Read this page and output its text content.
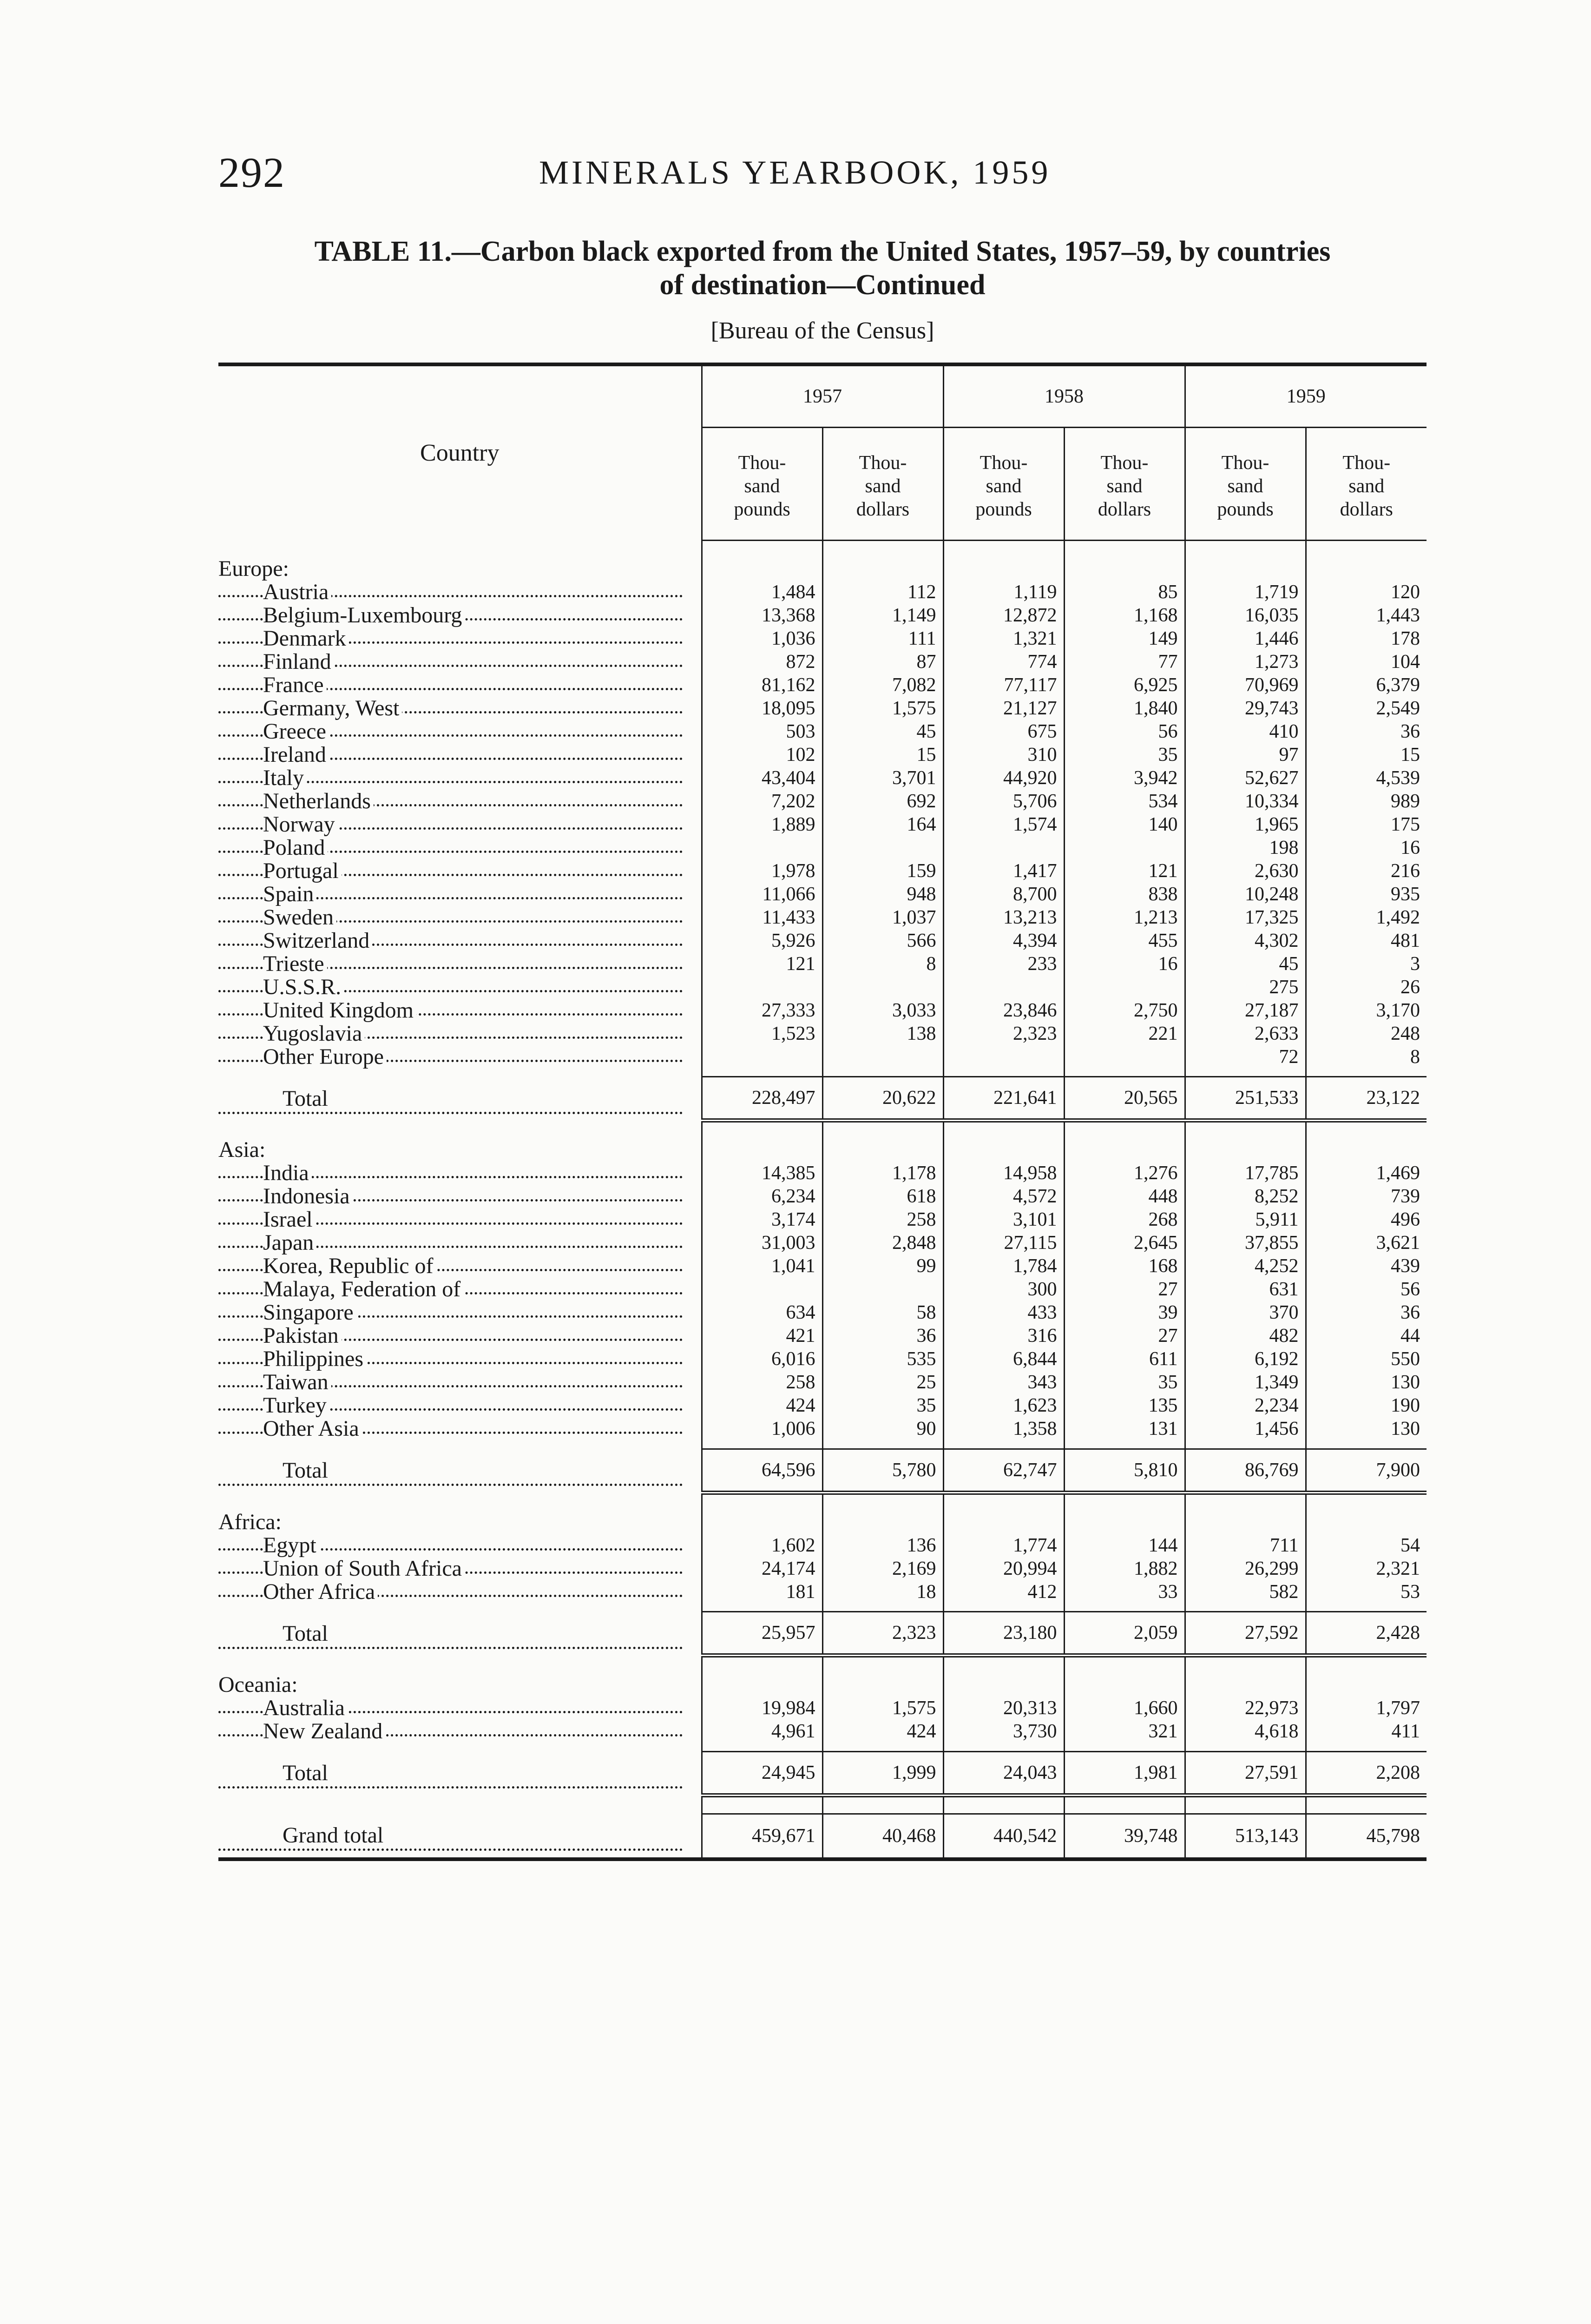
292	MINERALS YEARBOOK, 1959
TABLE 11.—Carbon black exported from the United States, 1957–59, by countries
of destination—Continued
[Bureau of the Census]

Country	1957		1958		1959	
	Thou-
sand
pounds	Thou-
sand
dollars	Thou-
sand
pounds	Thou-
sand
dollars	Thou-
sand
pounds	Thou-
sand
dollars

Europe:						
Austria	1,484	112	1,119	85	1,719	120
Belgium-Luxembourg	13,368	1,149	12,872	1,168	16,035	1,443
Denmark	1,036	111	1,321	149	1,446	178
Finland	872	87	774	77	1,273	104
France	81,162	7,082	77,117	6,925	70,969	6,379
Germany, West	18,095	1,575	21,127	1,840	29,743	2,549
Greece	503	45	675	56	410	36
Ireland	102	15	310	35	97	15
Italy	43,404	3,701	44,920	3,942	52,627	4,539
Netherlands	7,202	692	5,706	534	10,334	989
Norway	1,889	164	1,574	140	1,965	175
Poland					198	16
Portugal	1,978	159	1,417	121	2,630	216
Spain	11,066	948	8,700	838	10,248	935
Sweden	11,433	1,037	13,213	1,213	17,325	1,492
Switzerland	5,926	566	4,394	455	4,302	481
Trieste	121	8	233	16	45	3
U.S.S.R.					275	26
United Kingdom	27,333	3,033	23,846	2,750	27,187	3,170
Yugoslavia	1,523	138	2,323	221	2,633	248
Other Europe					72	8

Total	228,497	20,622	221,641	20,565	251,533	23,122

Asia:						
India	14,385	1,178	14,958	1,276	17,785	1,469
Indonesia	6,234	618	4,572	448	8,252	739
Israel	3,174	258	3,101	268	5,911	496
Japan	31,003	2,848	27,115	2,645	37,855	3,621
Korea, Republic of	1,041	99	1,784	168	4,252	439
Malaya, Federation of			300	27	631	56
Singapore	634	58	433	39	370	36
Pakistan	421	36	316	27	482	44
Philippines	6,016	535	6,844	611	6,192	550
Taiwan	258	25	343	35	1,349	130
Turkey	424	35	1,623	135	2,234	190
Other Asia	1,006	90	1,358	131	1,456	130

Total	64,596	5,780	62,747	5,810	86,769	7,900

Africa:						
Egypt	1,602	136	1,774	144	711	54
Union of South Africa	24,174	2,169	20,994	1,882	26,299	2,321
Other Africa	181	18	412	33	582	53

Total	25,957	2,323	23,180	2,059	27,592	2,428

Oceania:						
Australia	19,984	1,575	20,313	1,660	22,973	1,797
New Zealand	4,961	424	3,730	321	4,618	411

Total	24,945	1,999	24,043	1,981	27,591	2,208

Grand total	459,671	40,468	440,542	39,748	513,143	45,798
